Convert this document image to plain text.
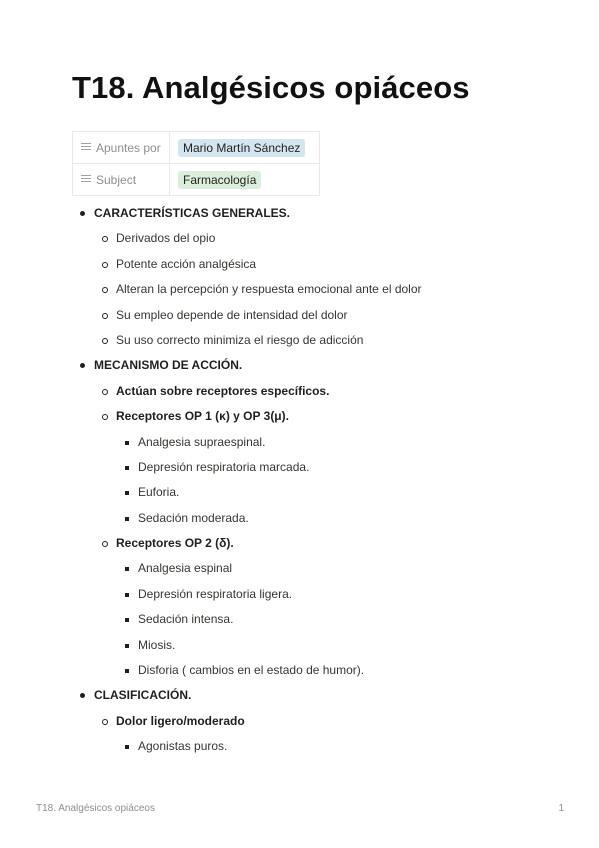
T18. Analgésicos opiáceos
Apuntes por	Mario Martín Sánchez

Subject	Farmacología
CARACTERÍSTICAS GENERALES.
Derivados del opio
Potente acción analgésica
Alteran la percepción y respuesta emocional ante el dolor
Su empleo depende de intensidad del dolor
Su uso correcto minimiza el riesgo de adicción
MECANISMO DE ACCIÓN.
Actúan sobre receptores específicos.
Receptores OP 1 (κ) y OP 3(μ).
Analgesia supraespinal.
Depresión respiratoria marcada.
Euforia.
Sedación moderada.
Receptores OP 2 (δ).
Analgesia espinal
Depresión respiratoria ligera.
Sedación intensa.
Miosis.
Disforia ( cambios en el estado de humor).
CLASIFICACIÓN.
Dolor ligero/moderado
Agonistas puros.
T18. Analgésicos opiáceos	1
